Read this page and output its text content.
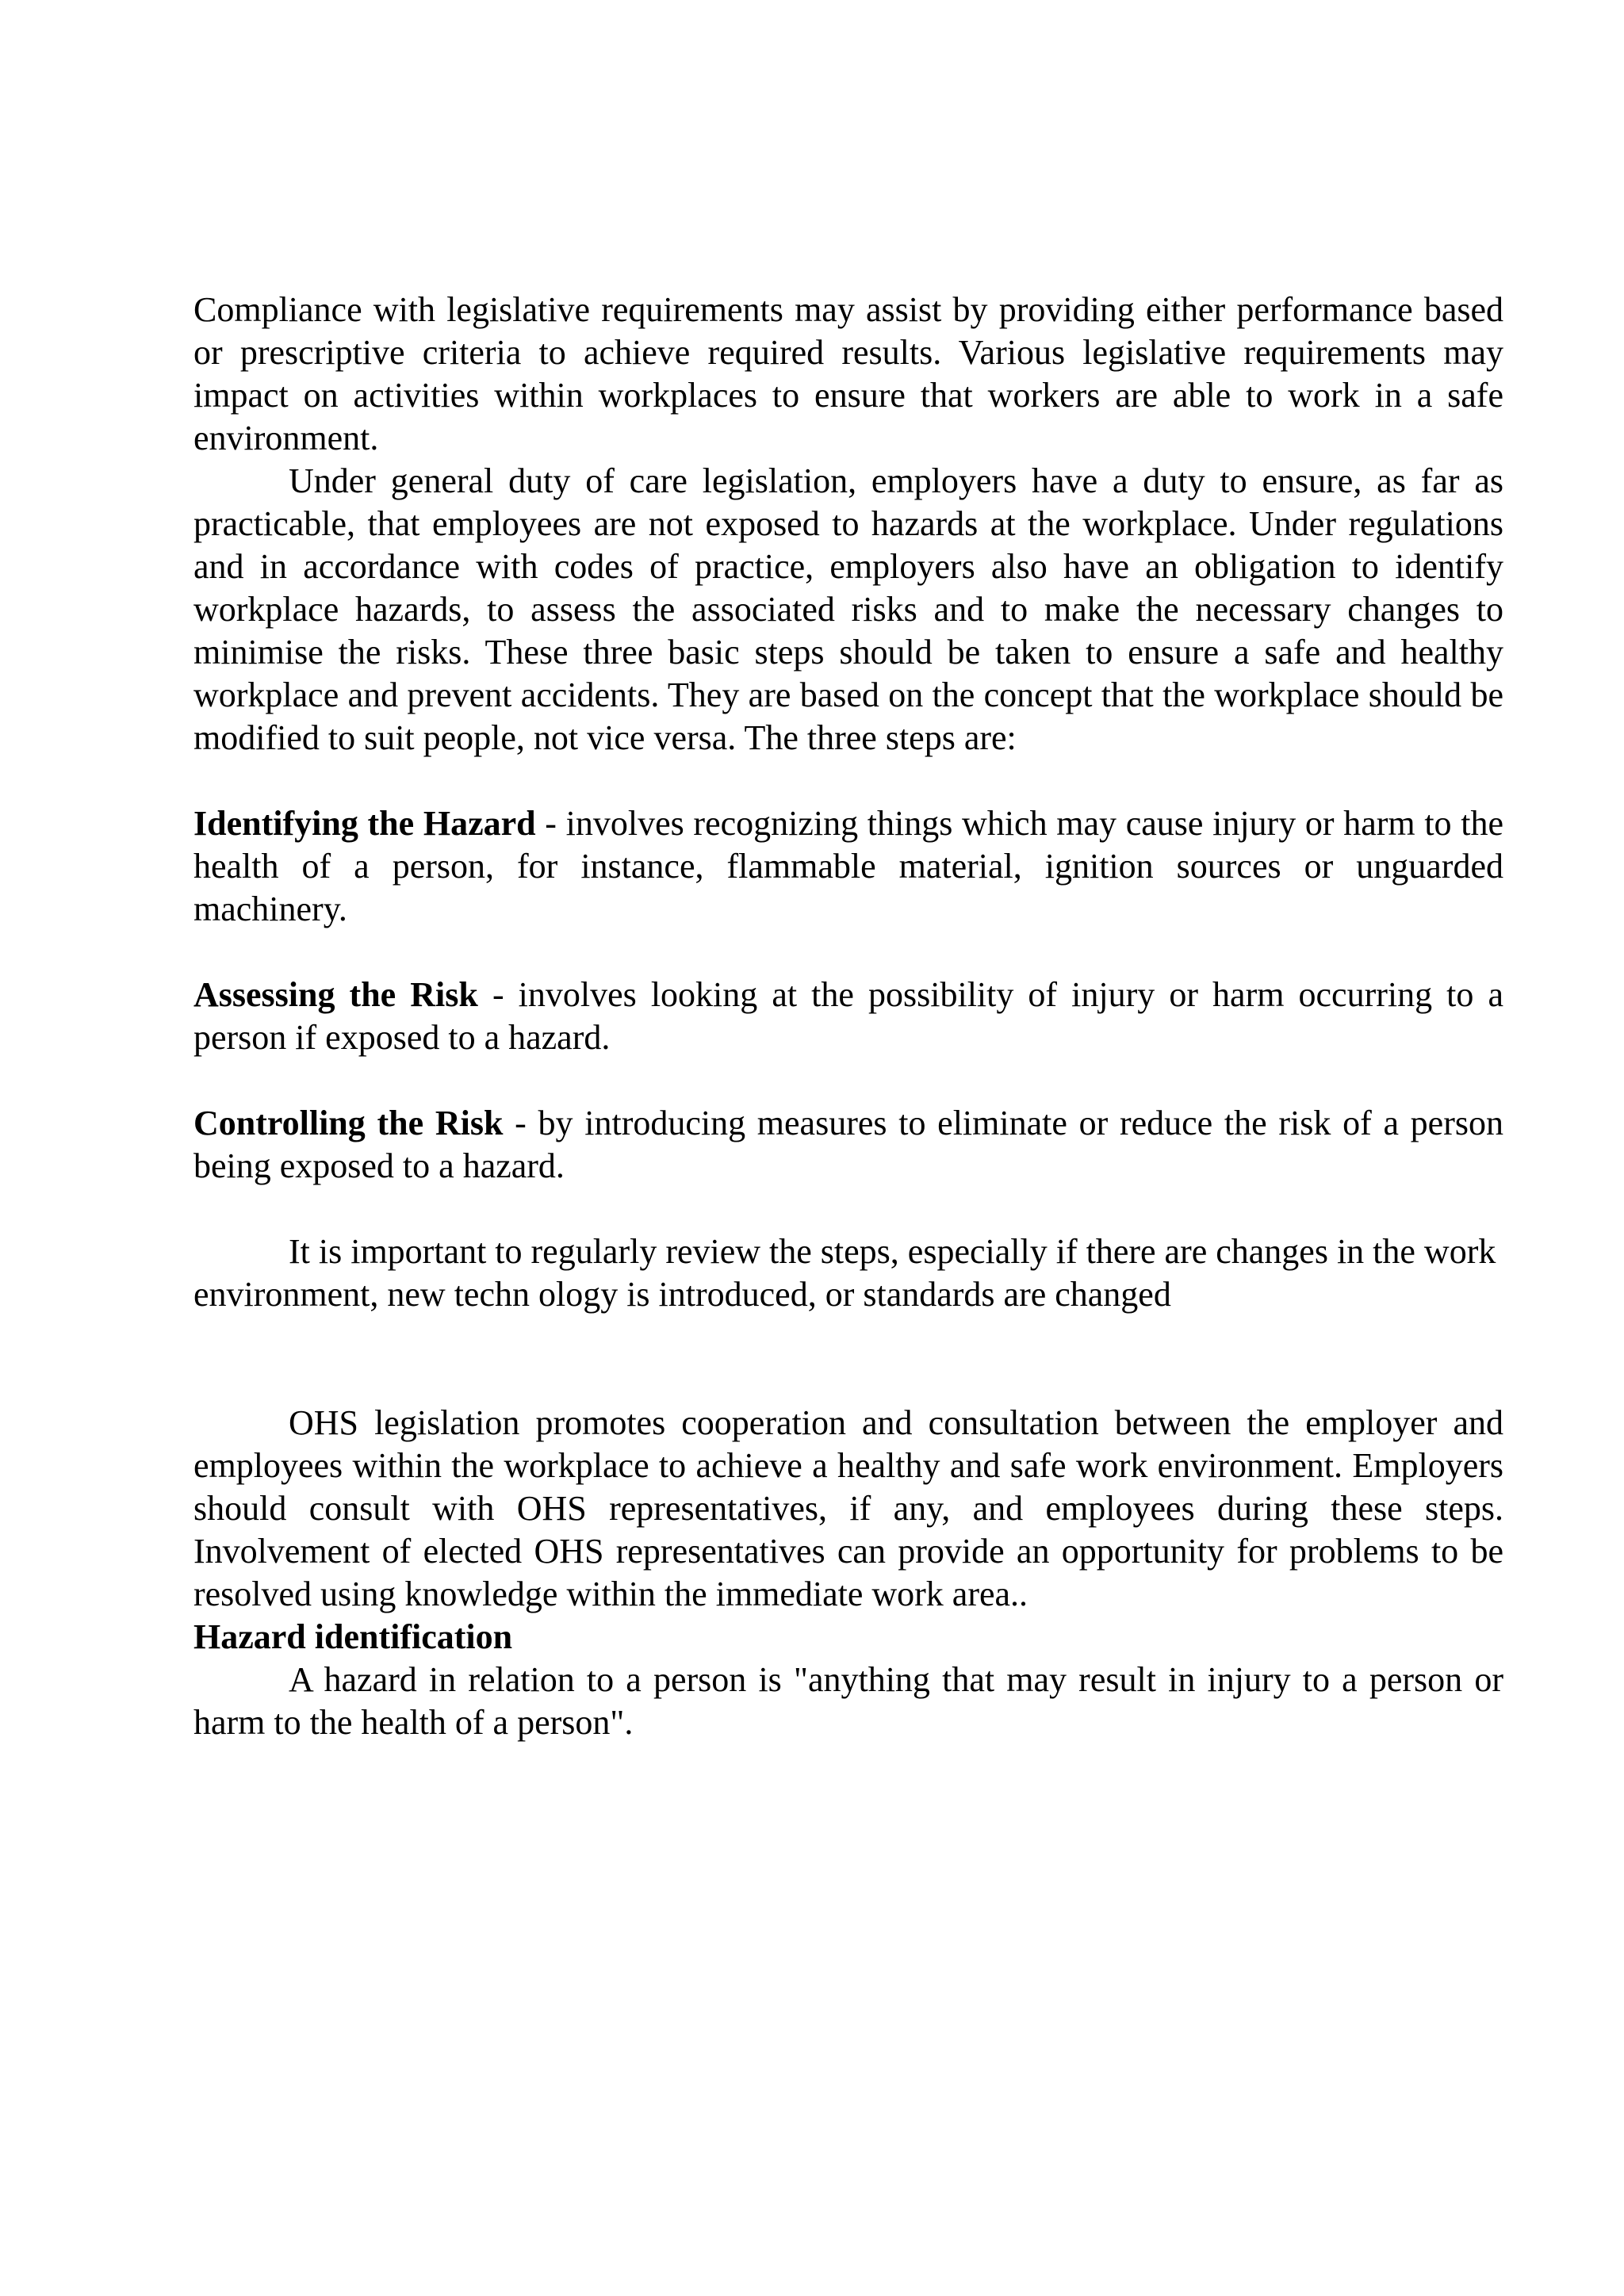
Compliance with legislative requirements may assist by providing either performance based or prescriptive criteria to achieve required results. Various legislative requirements may impact on activities within workplaces to ensure that workers are able to work in a safe environment.

Under general duty of care legislation, employers have a duty to ensure, as far as practicable, that employees are not exposed to hazards at the workplace. Under regulations and in accordance with codes of practice, employers also have an obligation to identify workplace hazards, to assess the associated risks and to make the necessary changes to minimise the risks. These three basic steps should be taken to ensure a safe and healthy workplace and prevent accidents. They are based on the concept that the workplace should be modified to suit people, not vice versa. The three steps are:

Identifying the Hazard - involves recognizing things which may cause injury or harm to the health of a person, for instance, flammable material, ignition sources or unguarded machinery.

Assessing the Risk - involves looking at the possibility of injury or harm occurring to a person if exposed to a hazard.

Controlling the Risk - by introducing measures to eliminate or reduce the risk of a person being exposed to a hazard.

It is important to regularly review the steps, especially if there are changes in the work environment, new techn ology is introduced, or standards are changed

OHS legislation promotes cooperation and consultation between the employer and employees within the workplace to achieve a healthy and safe work environment. Employers should consult with OHS representatives, if any, and employees during these steps. Involvement of elected OHS representatives can provide an opportunity for problems to be resolved using knowledge within the immediate work area..

Hazard identification

A hazard in relation to a person is "anything that may result in injury to a person or harm to the health of a person".
